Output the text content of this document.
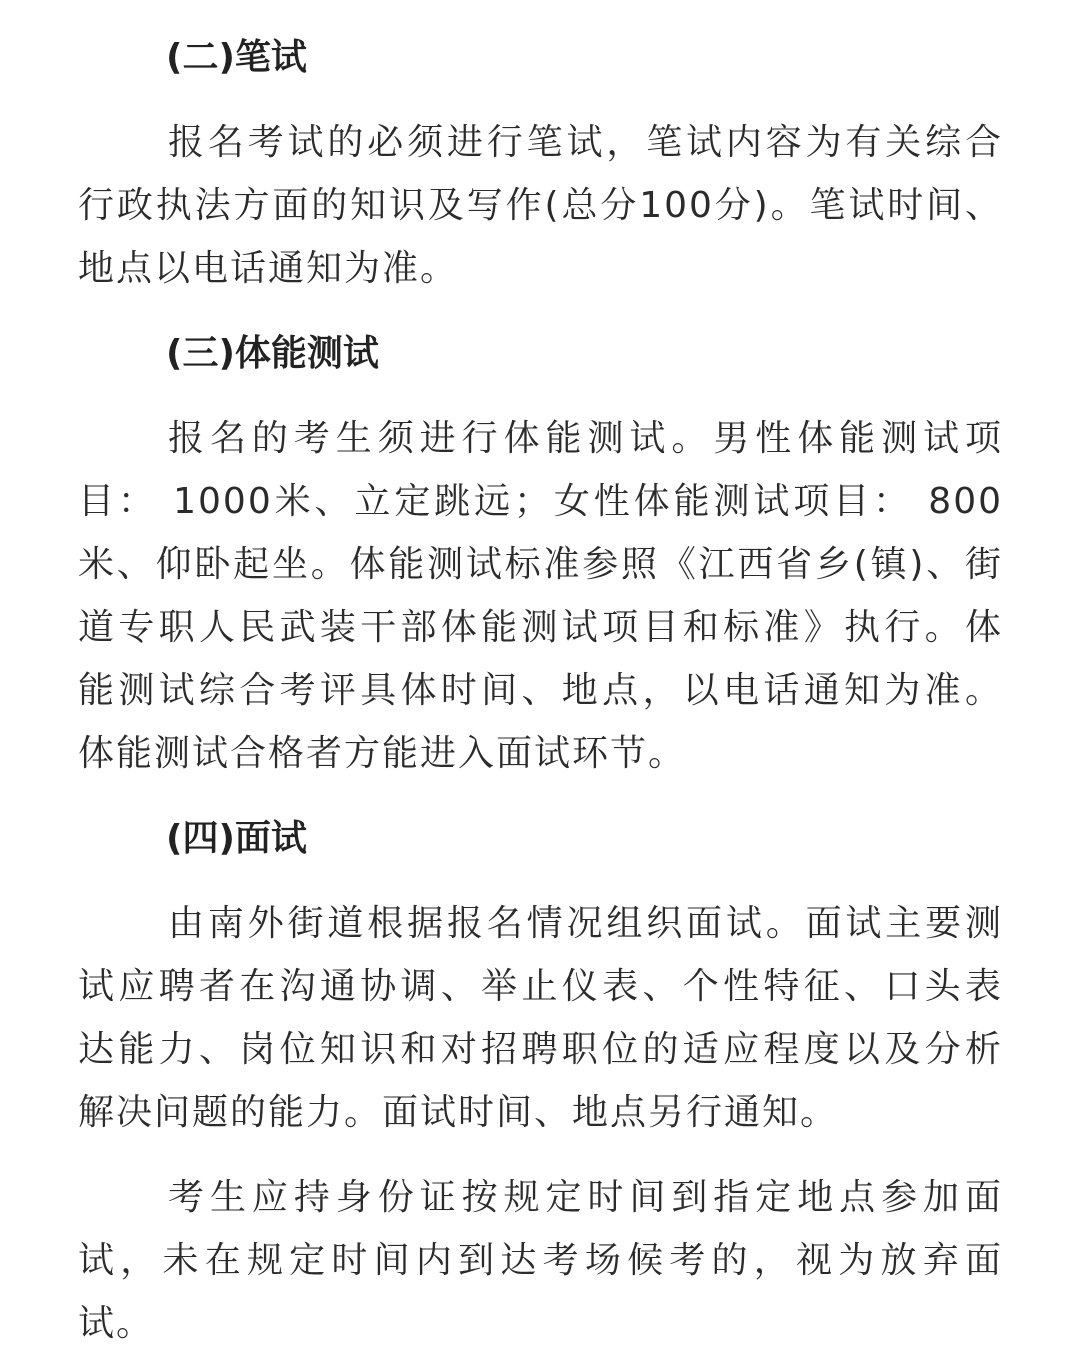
(二)笔试
报名考试的必须进行笔试，笔试内容为有关综合
行政执法方面的知识及写作(总分100分)。笔试时间、
地点以电话通知为准。
(三)体能测试
报名的考生须进行体能测试。男性体能测试项
目： 1000米、立定跳远；女性体能测试项目： 800
米、仰卧起坐。体能测试标准参照《江西省乡(镇)、街
道专职人民武装干部体能测试项目和标准》执行。体
能测试综合考评具体时间、地点，以电话通知为准。
体能测试合格者方能进入面试环节。
(四)面试
由南外街道根据报名情况组织面试。面试主要测
试应聘者在沟通协调、举止仪表、个性特征、口头表
达能力、岗位知识和对招聘职位的适应程度以及分析
解决问题的能力。面试时间、地点另行通知。
考生应持身份证按规定时间到指定地点参加面
试，未在规定时间内到达考场候考的，视为放弃面
试。
